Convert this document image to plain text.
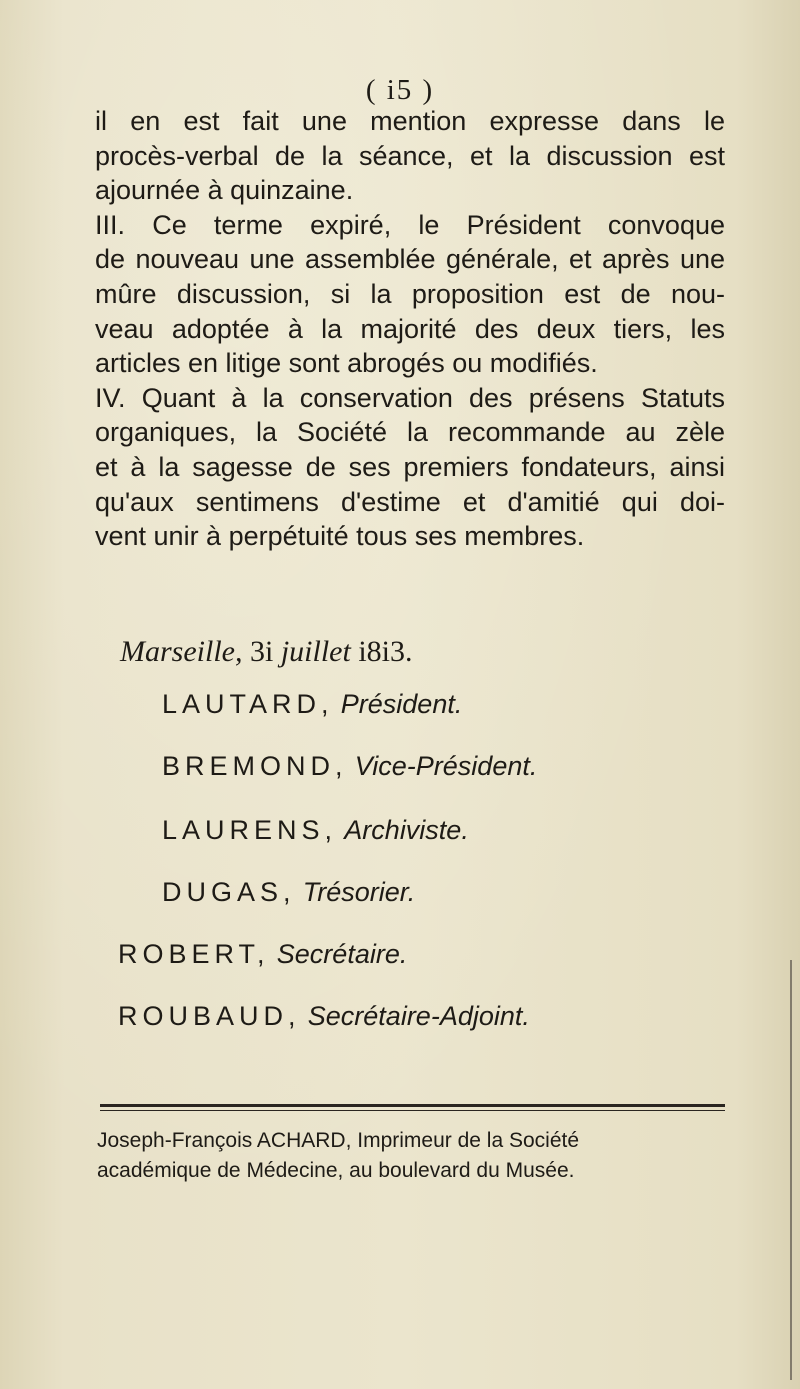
( i5 )
il en est fait une mention expresse dans le
procès-verbal de la séance, et la discussion est
ajournée à quinzaine.
III. Ce terme expiré, le Président convoque
de nouveau une assemblée générale, et après une
mûre discussion, si la proposition est de nou-
veau adoptée à la majorité des deux tiers, les
articles en litige sont abrogés ou modifiés.
IV. Quant à la conservation des présens Statuts
organiques, la Société la recommande au zèle
et à la sagesse de ses premiers fondateurs, ainsi
qu'aux sentimens d'estime et d'amitié qui doi-
vent unir à perpétuité tous ses membres.
Marseille, 3i juillet i8i3.
LAUTARD, Président.
BREMOND, Vice-Président.
LAURENS, Archiviste.
DUGAS, Trésorier.
ROBERT, Secrétaire.
ROUBAUD, Secrétaire-Adjoint.
Joseph-François ACHARD, Imprimeur de la Société
académique de Médecine, au boulevard du Musée.
